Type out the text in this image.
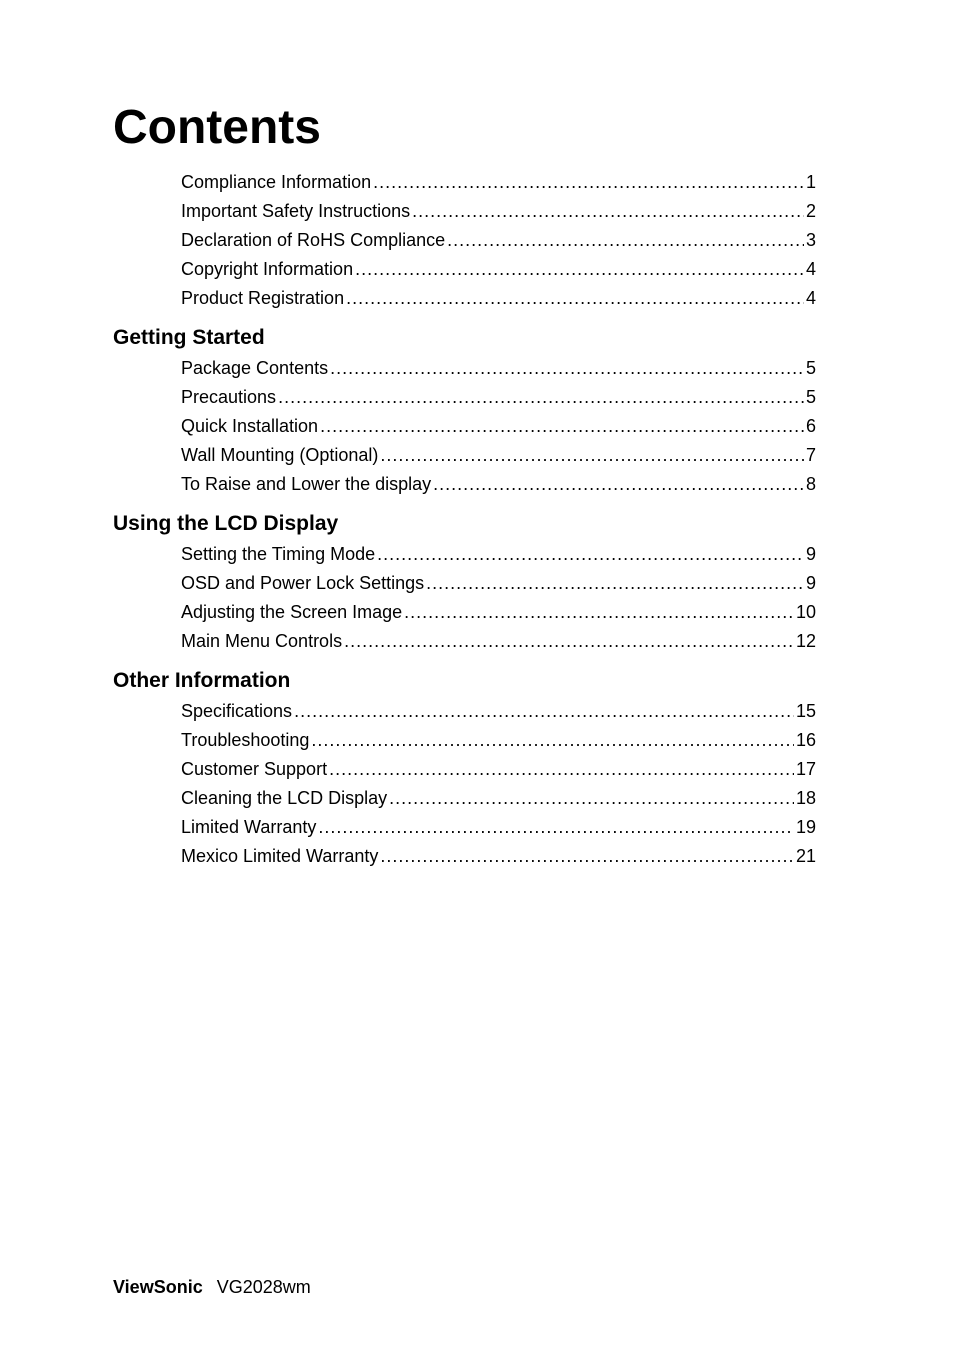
Contents
Compliance Information .....	1
Important Safety Instructions .....	2
Declaration of RoHS Compliance .....	3
Copyright Information .....	4
Product Registration .....	4
Getting Started
Package Contents .....	5
Precautions .....	5
Quick Installation .....	6
Wall Mounting (Optional) .....	7
To Raise and Lower the display .....	8
Using the LCD Display
Setting the Timing Mode .....	9
OSD and Power Lock Settings .....	9
Adjusting the Screen Image .....	10
Main Menu Controls .....	12
Other Information
Specifications .....	15
Troubleshooting .....	16
Customer Support .....	17
Cleaning the LCD Display .....	18
Limited Warranty .....	19
Mexico Limited Warranty .....	21
ViewSonic VG2028wm
